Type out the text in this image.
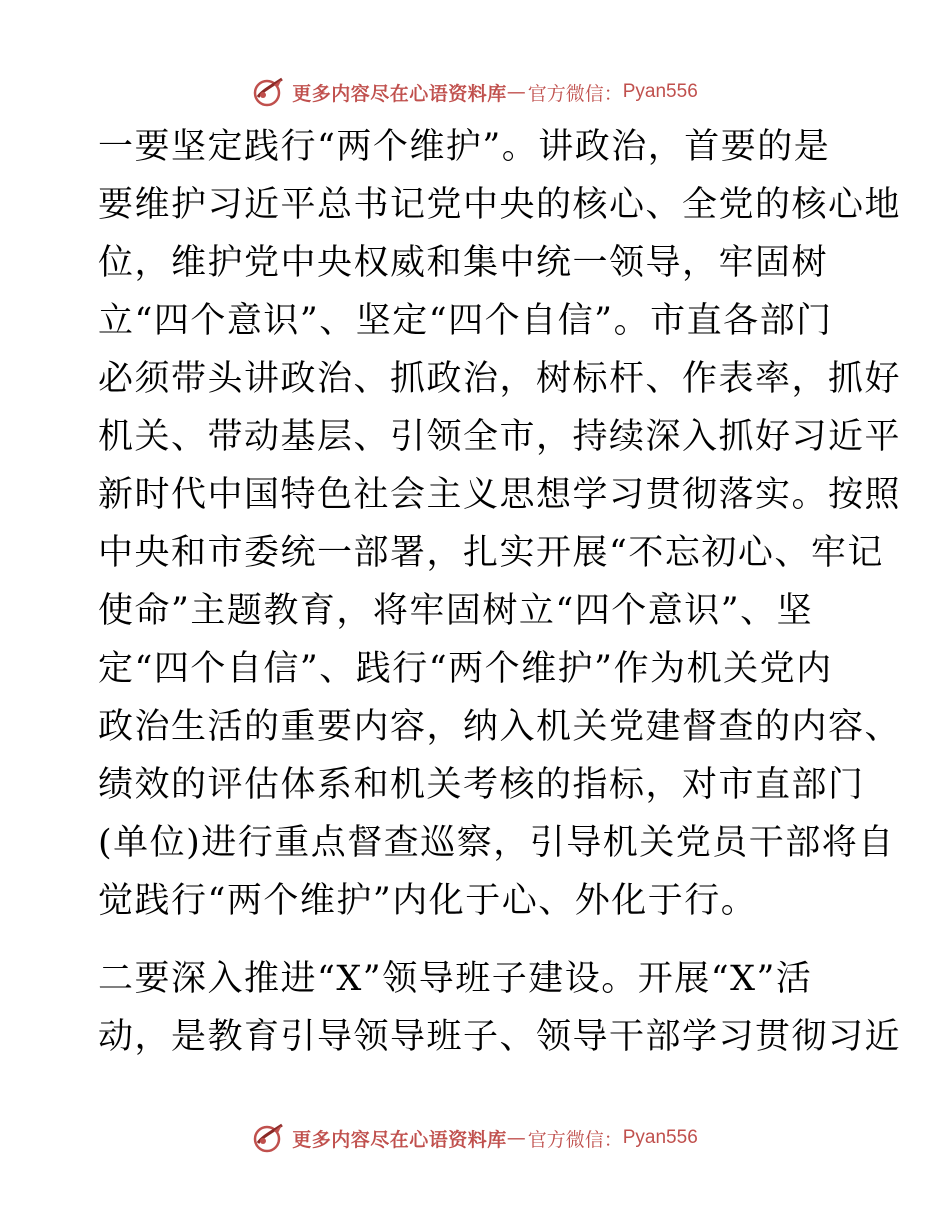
更多内容尽在心语资料库 — 官方微信： Pyan556

一要坚定践行“两个维护”。讲政治，首要的是
要维护习近平总书记党中央的核心、全党的核心地
位，维护党中央权威和集中统一领导，牢固树
立“四个意识”、坚定“四个自信”。市直各部门
必须带头讲政治、抓政治，树标杆、作表率，抓好
机关、带动基层、引领全市，持续深入抓好习近平
新时代中国特色社会主义思想学习贯彻落实。按照
中央和市委统一部署，扎实开展“不忘初心、牢记
使命”主题教育，将牢固树立“四个意识”、坚
定“四个自信”、践行“两个维护”作为机关党内
政治生活的重要内容，纳入机关党建督查的内容、
绩效的评估体系和机关考核的指标，对市直部门
(单位)进行重点督查巡察，引导机关党员干部将自
觉践行“两个维护”内化于心、外化于行。

二要深入推进“X”领导班子建设。开展“X”活
动，是教育引导领导班子、领导干部学习贯彻习近

更多内容尽在心语资料库 — 官方微信： Pyan556
